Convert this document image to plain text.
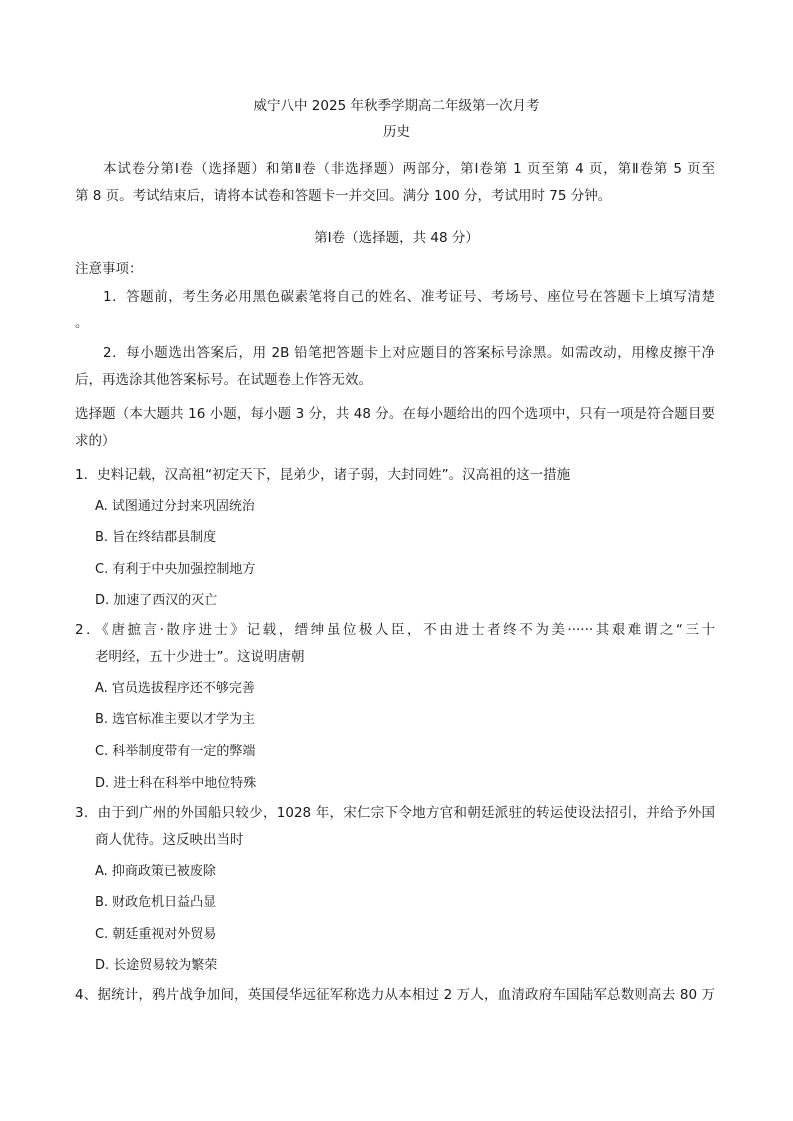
威宁八中 2025 年秋季学期高二年级第一次月考
历史
本试卷分第Ⅰ卷（选择题）和第Ⅱ卷（非选择题）两部分，第Ⅰ卷第 1 页至第 4 页，第Ⅱ卷第 5 页至
第 8 页。考试结束后，请将本试卷和答题卡一并交回。满分 100 分，考试用时 75 分钟。
第Ⅰ卷（选择题，共 48 分）
注意事项：
1．答题前，考生务必用黑色碳素笔将自己的姓名、准考证号、考场号、座位号在答题卡上填写清楚
。
2．每小题选出答案后，用 2B 铅笔把答题卡上对应题目的答案标号涂黑。如需改动，用橡皮擦干净
后，再选涂其他答案标号。在试题卷上作答无效。
选择题（本大题共 16 小题，每小题 3 分，共 48 分。在每小题给出的四个选项中，只有一项是符合题目要
求的）
1．史料记载，汉高祖“初定天下，昆弟少，诸子弱，大封同姓”。汉高祖的这一措施
A. 试图通过分封来巩固统治
B. 旨在终结郡县制度
C. 有利于中央加强控制地方
D. 加速了西汉的灭亡
2．《唐摭言·散序进士》记载，缙绅虽位极人臣，不由进士者终不为美······其艰难谓之“三十
老明经，五十少进士”。这说明唐朝
A. 官员选拔程序还不够完善
B. 选官标准主要以才学为主
C. 科举制度带有一定的弊端
D. 进士科在科举中地位特殊
3．由于到广州的外国船只较少，1028 年，宋仁宗下令地方官和朝廷派驻的转运使设法招引，并给予外国
商人优待。这反映出当时
A. 抑商政策已被废除
B. 财政危机日益凸显
C. 朝廷重视对外贸易
D. 长途贸易较为繁荣
4、据统计，鸦片战争加间，英国侵华远征军称选力从本相过 2 万人，血清政府车国陆军总数则高去 80 万
